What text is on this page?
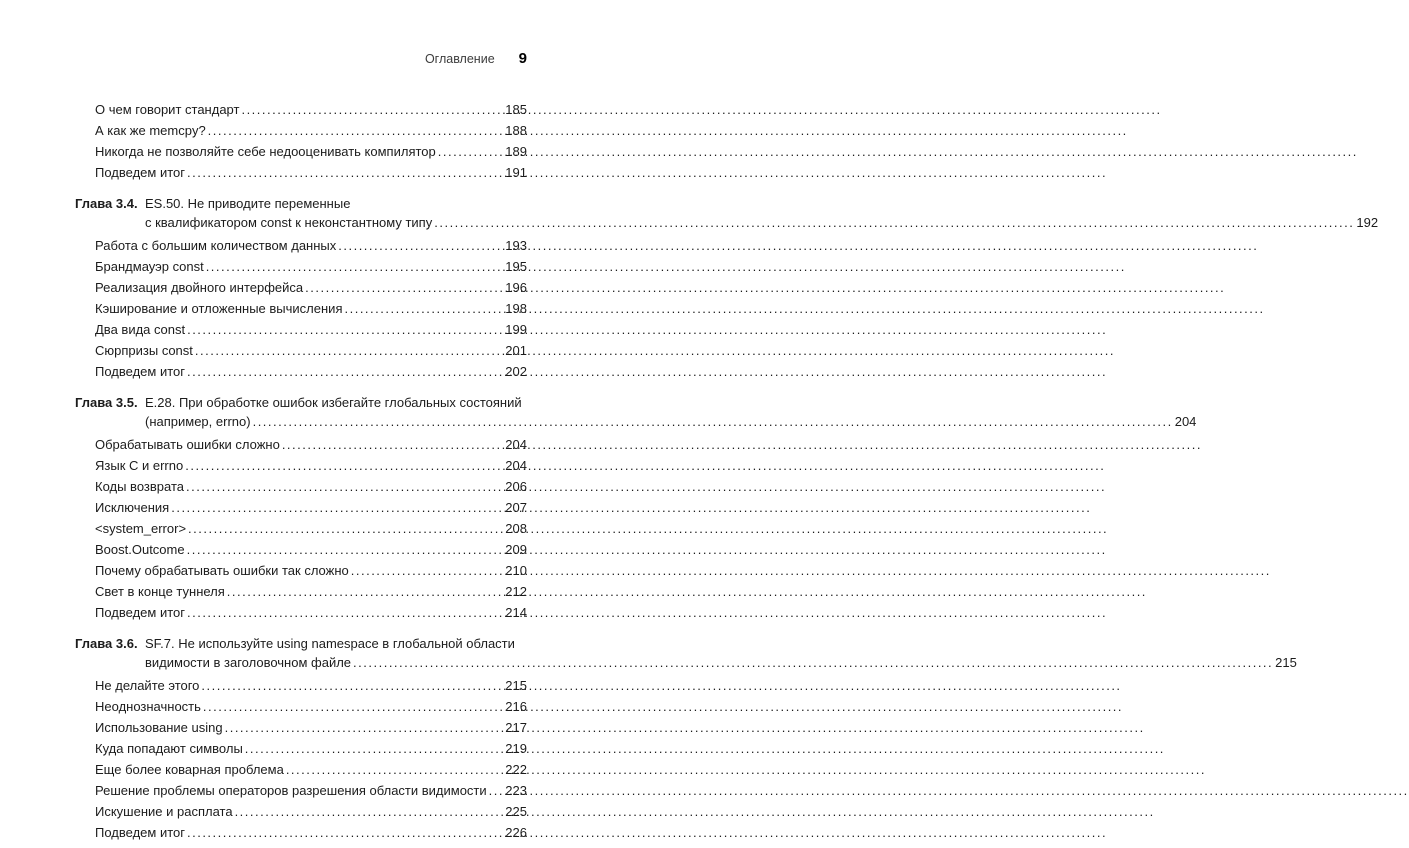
Оглавление 9
О чем говорит стандарт .....	185
А как же memcpy? .....	188
Никогда не позволяйте себе недооценивать компилятор .....	189
Подведем итог .....	191
Глава 3.4. ES.50. Не приводите переменные
с квалификатором const к неконстантному типу .....	192
Работа с большим количеством данных .....	193
Брандмауэр const .....	195
Реализация двойного интерфейса .....	196
Кэширование и отложенные вычисления .....	198
Два вида const .....	199
Сюрпризы const .....	201
Подведем итог .....	202
Глава 3.5. E.28. При обработке ошибок избегайте глобальных состояний
(например, errno) .....	204
Обрабатывать ошибки сложно .....	204
Язык C и errno .....	204
Коды возврата .....	206
Исключения .....	207
<system_error> .....	208
Boost.Outcome .....	209
Почему обрабатывать ошибки так сложно .....	210
Свет в конце туннеля .....	212
Подведем итог .....	214
Глава 3.6. SF.7. Не используйте using namespace в глобальной области
видимости в заголовочном файле .....	215
Не делайте этого .....	215
Неоднозначность .....	216
Использование using .....	217
Куда попадают символы .....	219
Еще более коварная проблема .....	222
Решение проблемы операторов разрешения области видимости ..... 223
Искушение и расплата .....	225
Подведем итог .....	226
